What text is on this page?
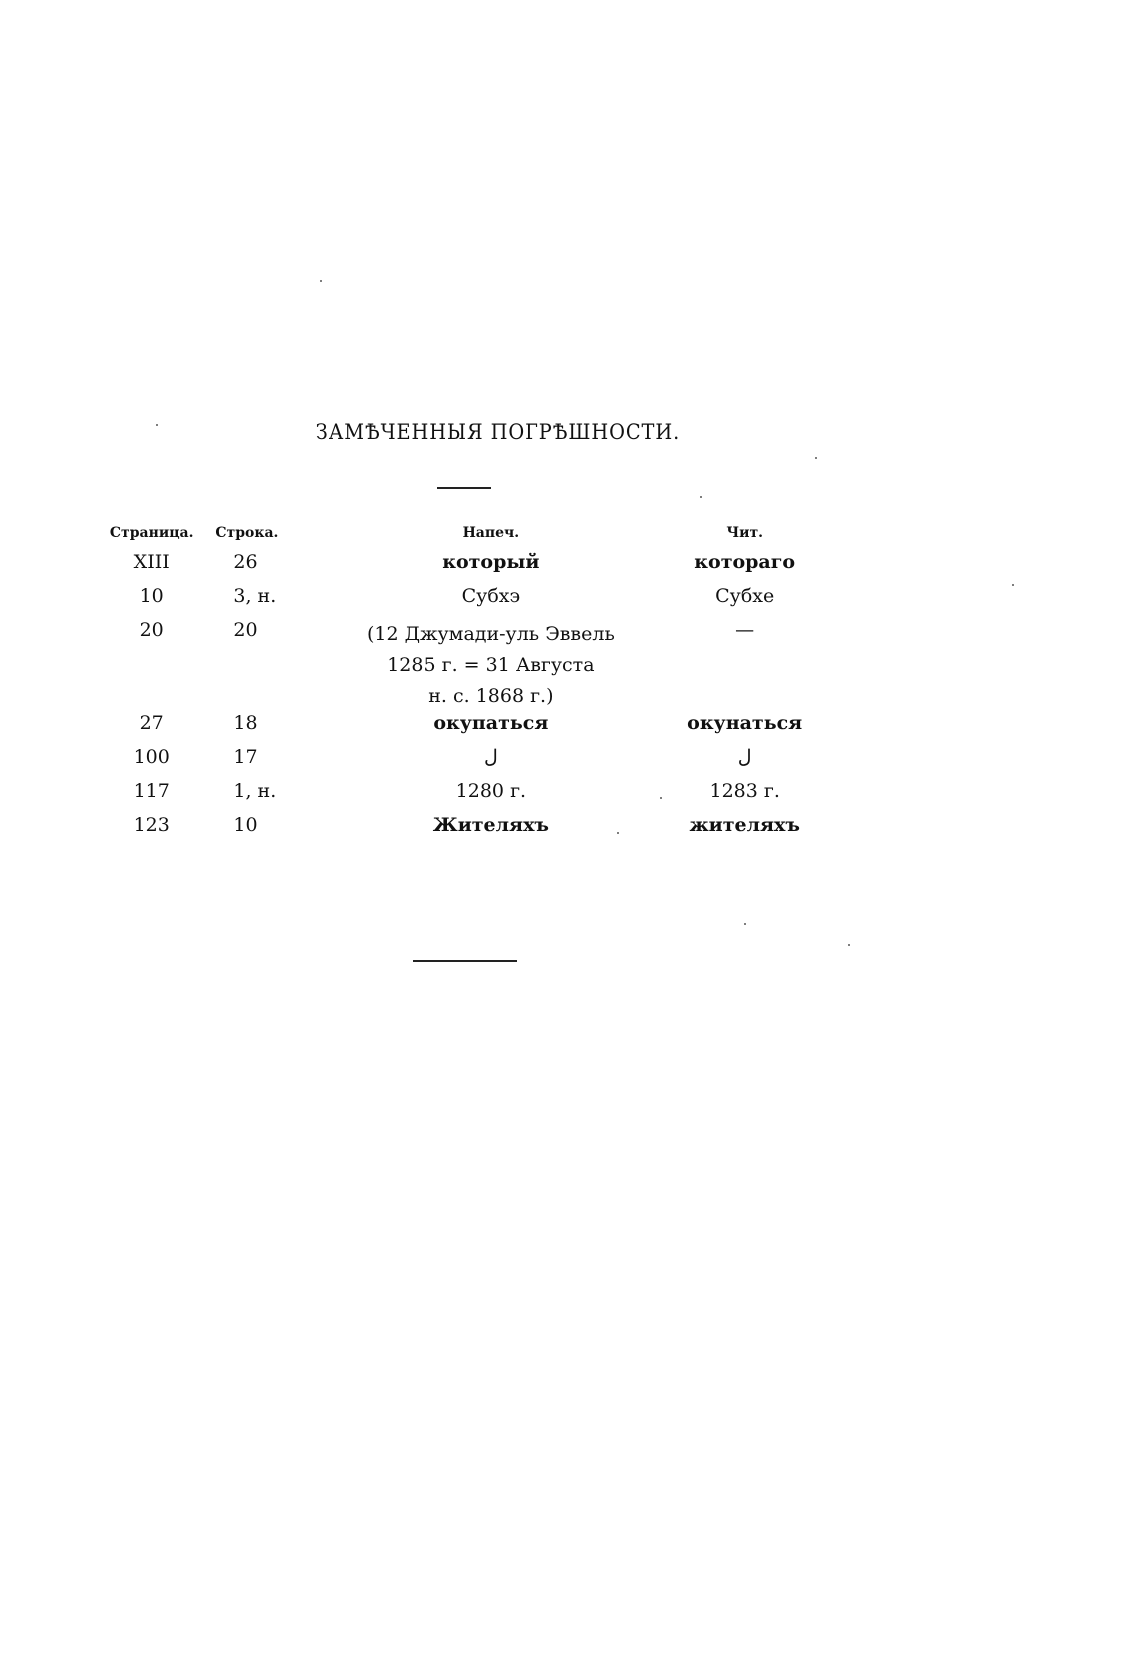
ЗАМѢЧЕННЫЯ ПОГРѢШНОСТИ.
Страница.	Строка.	Напеч.	Чит.
XIII	26	который	котораго
10	3, н.	Субхэ	Субхе
20	20	(12 Джумади-уль Эввель
1285 г. = 31 Августа
н. с. 1868 г.)	—
27	18	окупаться	окунаться
100	17	ل	ل
117	1, н.	1280 г.	1283 г.
123	10	Жителяхъ	жителяхъ
